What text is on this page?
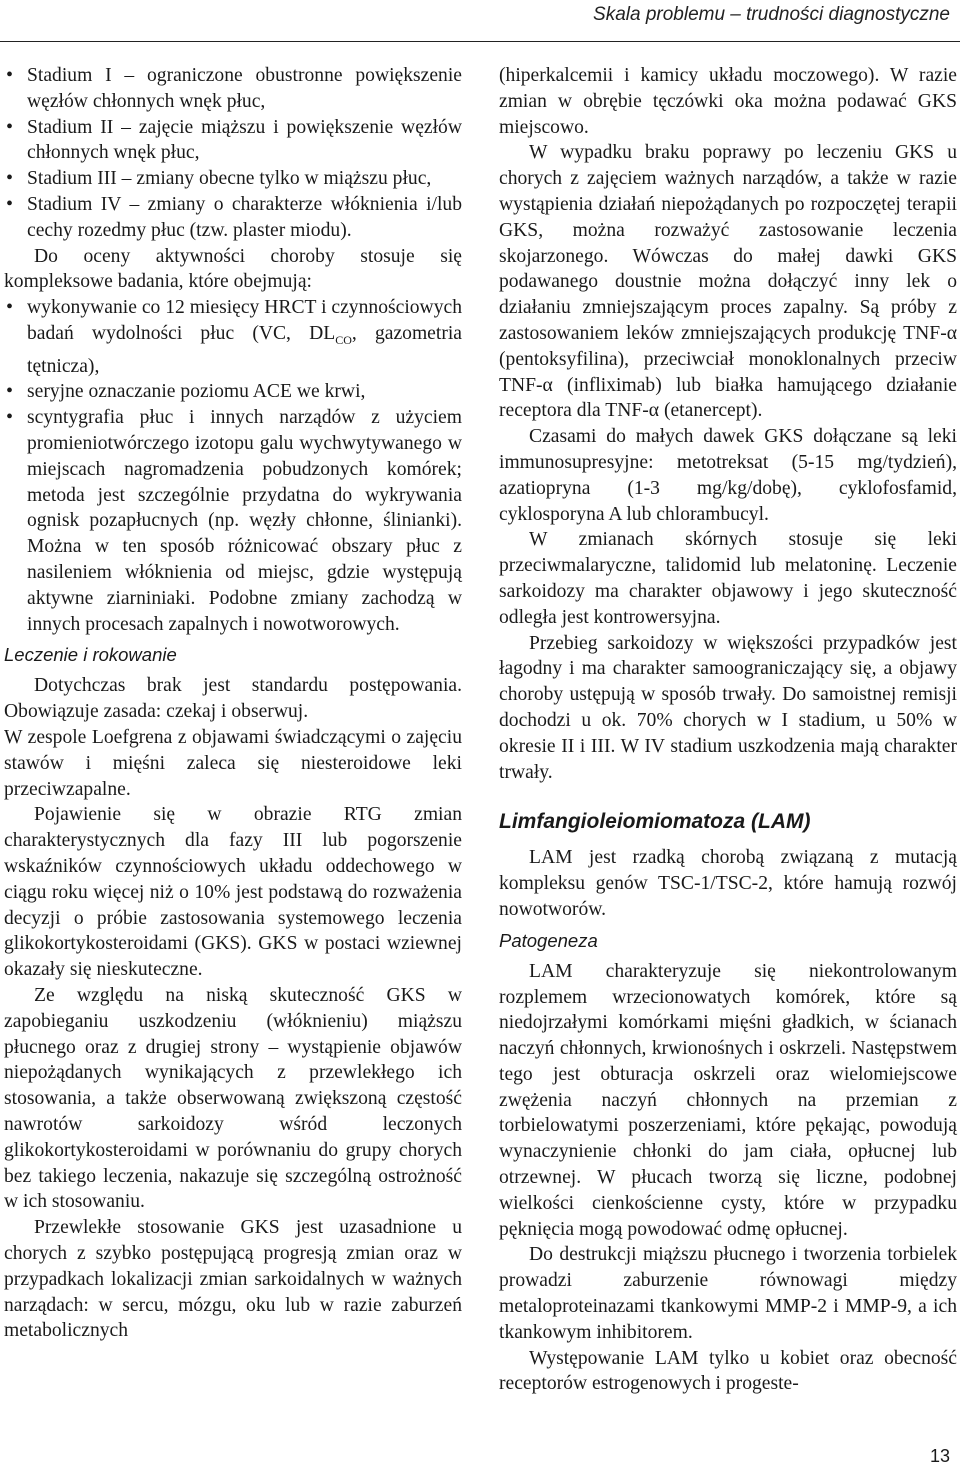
Skala problemu – trudności diagnostyczne
• Stadium I – ograniczone obustronne powiększenie węzłów chłonnych wnęk płuc,
• Stadium II – zajęcie miąższu i powiększenie węzłów chłonnych wnęk płuc,
• Stadium III – zmiany obecne tylko w miąższu płuc,
• Stadium IV – zmiany o charakterze włóknienia i/lub cechy rozedmy płuc (tzw. plaster miodu).

Do oceny aktywności choroby stosuje się kompleksowe badania, które obejmują:

• wykonywanie co 12 miesięcy HRCT i czynnościowych badań wydolności płuc (VC, $DL_{CO}$, gazometria tętnicza),
• seryjne oznaczanie poziomu ACE we krwi,
• scyntygrafia płuc i innych narządów z użyciem promieniotwórczego izotopu galu wychwytywanego w miejscach nagromadzenia pobudzonych komórek; metoda jest szczególnie przydatna do wykrywania ognisk pozapłucnych (np. węzły chłonne, ślinianki). Można w ten sposób różnicować obszary płuc z nasileniem włóknienia od miejsc, gdzie występują aktywne ziarniniaki. Podobne zmiany zachodzą w innych procesach zapalnych i nowotworowych.
Leczenie i rokowanie

Dotychczas brak jest standardu postępowania. Obowiązuje zasada: czekaj i obserwuj.

W zespole Loefgrena z objawami świadczącymi o zajęciu stawów i mięśni zaleca się niesteroidowe leki przeciwzapalne.

Pojawienie się w obrazie RTG zmian charakterystycznych dla fazy III lub pogorszenie wskaźników czynnościowych układu oddechowego w ciągu roku więcej niż o 10% jest podstawą do rozważenia decyzji o próbie zastosowania systemowego leczenia glikokortykosteroidami (GKS). GKS w postaci wziewnej okazały się nieskuteczne.

Ze względu na niską skuteczność GKS w zapobieganiu uszkodzeniu (włóknieniu) miąższu płucnego oraz z drugiej strony – wystąpienie objawów niepożądanych wynikających z przewlekłego ich stosowania, a także obserwowaną zwiększoną częstość nawrotów sarkoidozy wśród leczonych glikokortykosteroidami w porównaniu do grupy chorych bez takiego leczenia, nakazuje się szczególną ostrożność w ich stosowaniu.

Przewlekłe stosowanie GKS jest uzasadnione u chorych z szybko postępującą progresją zmian oraz w przypadkach lokalizacji zmian sarkoidalnych w ważnych narządach: w sercu, mózgu, oku lub w razie zaburzeń metabolicznych

(hiperkalcemii i kamicy układu moczowego). W razie zmian w obrębie tęczówki oka można podawać GKS miejscowo.

W wypadku braku poprawy po leczeniu GKS u chorych z zajęciem ważnych narządów, a także w razie wystąpienia działań niepożądanych po rozpoczętej terapii GKS, można rozważyć zastosowanie leczenia skojarzonego. Wówczas do małej dawki GKS podawanego doustnie można dołączyć inny lek o działaniu zmniejszającym proces zapalny. Są próby z zastosowaniem leków zmniejszających produkcję TNF-α (pentoksyfilina), przeciwciał monoklonalnych przeciw TNF-α (infliximab) lub białka hamującego działanie receptora dla TNF-α (etanercept).

Czasami do małych dawek GKS dołączane są leki immunosupresyjne: metotreksat (5-15 mg/tydzień), azatiopryna (1-3 mg/kg/dobę), cyklofosfamid, cyklosporyna A lub chlorambucyl.

W zmianach skórnych stosuje się leki przeciwmalaryczne, talidomid lub melatoninę. Leczenie sarkoidozy ma charakter objawowy i jego skuteczność odległa jest kontrowersyjna.

Przebieg sarkoidozy w większości przypadków jest łagodny i ma charakter samoograniczający się, a objawy choroby ustępują w sposób trwały. Do samoistnej remisji dochodzi u ok. 70% chorych w I stadium, u 50% w okresie II i III. W IV stadium uszkodzenia mają charakter trwały.

Limfangioleiomiomatoza (LAM)

LAM jest rzadką chorobą związaną z mutacją kompleksu genów TSC-1/TSC-2, które hamują rozwój nowotworów.

Patogeneza

LAM charakteryzuje się niekontrolowanym rozplemem wrzecionowatych komórek, które są niedojrzałymi komórkami mięśni gładkich, w ścianach naczyń chłonnych, krwionośnych i oskrzeli. Następstwem tego jest obturacja oskrzeli oraz wielomiejscowe zwężenia naczyń chłonnych na przemian z torbielowatymi poszerzeniami, które pękając, powodują wynaczynienie chłonki do jam ciała, opłucnej lub otrzewnej. W płucach tworzą się liczne, podobnej wielkości cienkościenne cysty, które w przypadku pęknięcia mogą powodować odmę opłucnej.

Do destrukcji miąższu płucnego i tworzenia torbielek prowadzi zaburzenie równowagi między metaloproteinazami tkankowymi MMP-2 i MMP-9, a ich tkankowym inhibitorem.

Występowanie LAM tylko u kobiet oraz obecność receptorów estrogenowych i progeste-

13
